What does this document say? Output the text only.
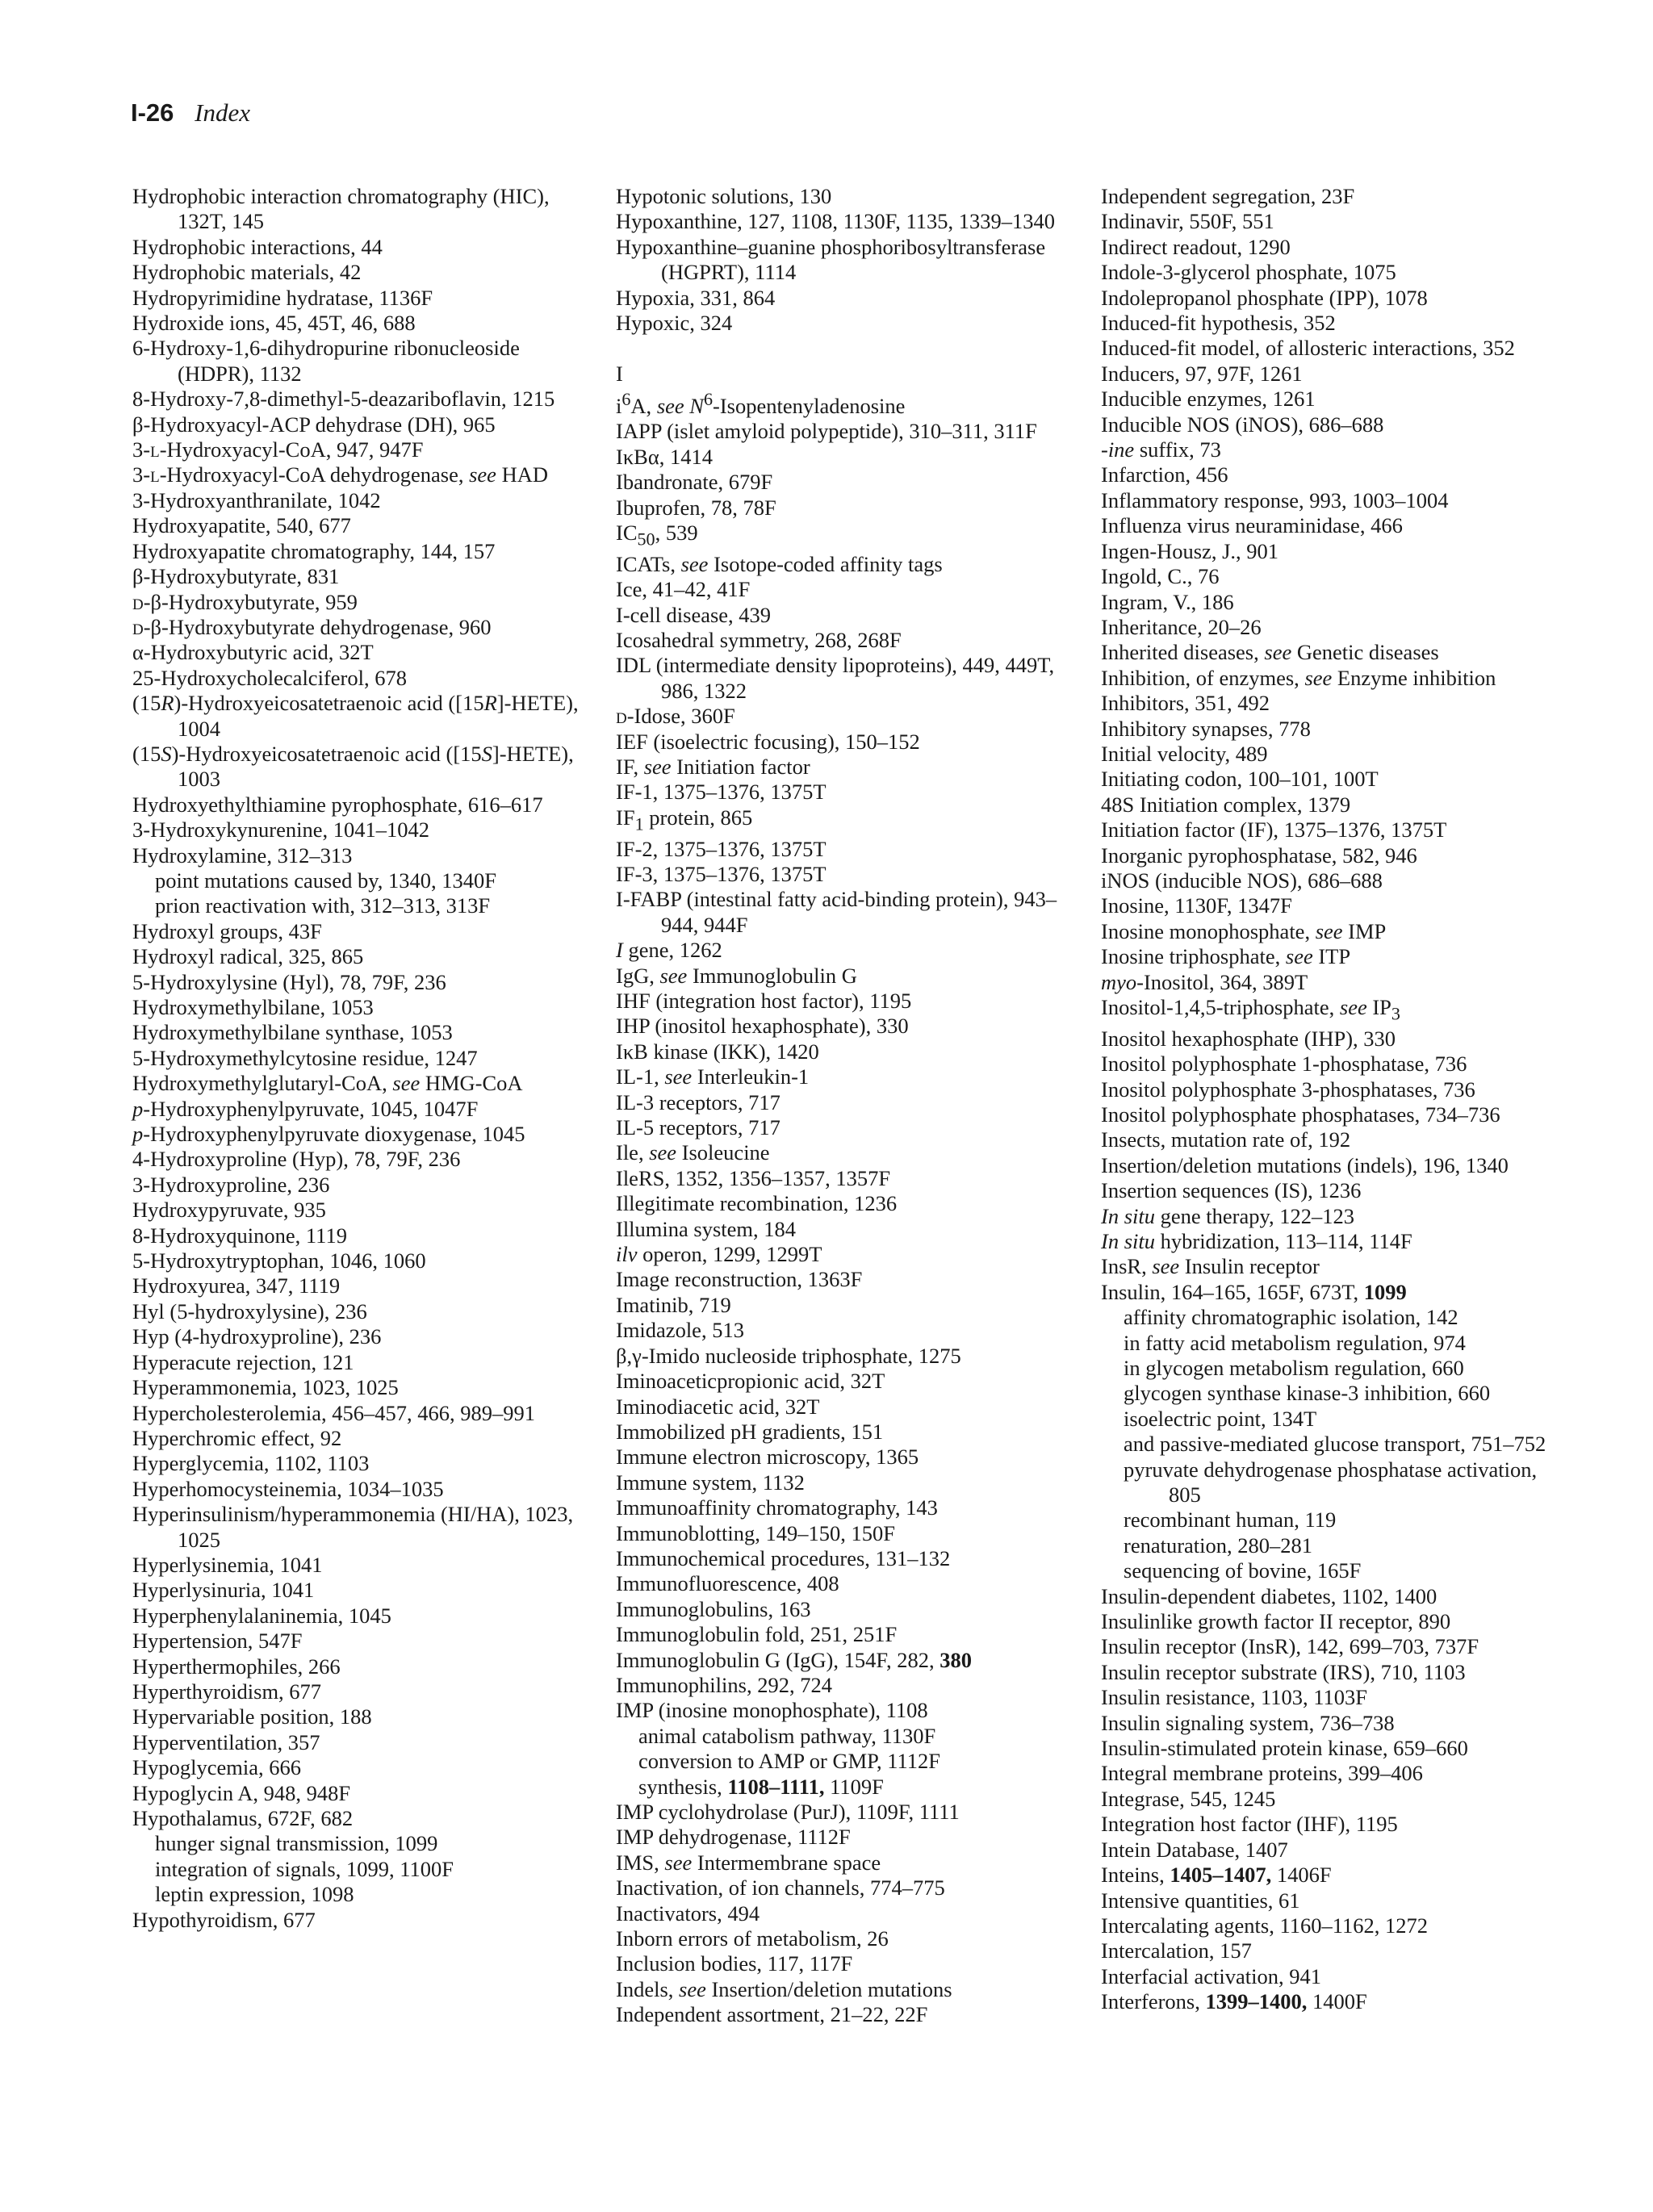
I-26 Index
Hydrophobic interaction chromatography (HIC), 132T, 145
Hydrophobic interactions, 44
Hydrophobic materials, 42
Hydropyrimidine hydratase, 1136F
Hydroxide ions, 45, 45T, 46, 688
6-Hydroxy-1,6-dihydropurine ribonucleoside (HDPR), 1132
8-Hydroxy-7,8-dimethyl-5-deazariboflavin, 1215
β-Hydroxyacyl-ACP dehydrase (DH), 965
3-l-Hydroxyacyl-CoA, 947, 947F
3-l-Hydroxyacyl-CoA dehydrogenase, see HAD
3-Hydroxyanthranilate, 1042
Hydroxyapatite, 540, 677
Hydroxyapatite chromatography, 144, 157
β-Hydroxybutyrate, 831
d-β-Hydroxybutyrate, 959
d-β-Hydroxybutyrate dehydrogenase, 960
α-Hydroxybutyric acid, 32T
25-Hydroxycholecalciferol, 678
(15R)-Hydroxyeicosatetraenoic acid ([15R]-HETE), 1004
(15S)-Hydroxyeicosatetraenoic acid ([15S]-HETE), 1003
Hydroxyethylthiamine pyrophosphate, 616–617
3-Hydroxykynurenine, 1041–1042
Hydroxylamine, 312–313
point mutations caused by, 1340, 1340F
prion reactivation with, 312–313, 313F
Hydroxyl groups, 43F
Hydroxyl radical, 325, 865
5-Hydroxylysine (Hyl), 78, 79F, 236
Hydroxymethylbilane, 1053
Hydroxymethylbilane synthase, 1053
5-Hydroxymethylcytosine residue, 1247
Hydroxymethylglutaryl-CoA, see HMG-CoA
p-Hydroxyphenylpyruvate, 1045, 1047F
p-Hydroxyphenylpyruvate dioxygenase, 1045
4-Hydroxyproline (Hyp), 78, 79F, 236
3-Hydroxyproline, 236
Hydroxypyruvate, 935
8-Hydroxyquinone, 1119
5-Hydroxytryptophan, 1046, 1060
Hydroxyurea, 347, 1119
Hyl (5-hydroxylysine), 236
Hyp (4-hydroxyproline), 236
Hyperacute rejection, 121
Hyperammonemia, 1023, 1025
Hypercholesterolemia, 456–457, 466, 989–991
Hyperchromic effect, 92
Hyperglycemia, 1102, 1103
Hyperhomocysteinemia, 1034–1035
Hyperinsulinism/hyperammonemia (HI/HA), 1023, 1025
Hyperlysinemia, 1041
Hyperlysinuria, 1041
Hyperphenylalaninemia, 1045
Hypertension, 547F
Hyperthermophiles, 266
Hyperthyroidism, 677
Hypervariable position, 188
Hyperventilation, 357
Hypoglycemia, 666
Hypoglycin A, 948, 948F
Hypothalamus, 672F, 682
hunger signal transmission, 1099
integration of signals, 1099, 1100F
leptin expression, 1098
Hypothyroidism, 677
Hypotonic solutions, 130
Hypoxanthine, 127, 1108, 1130F, 1135, 1339–1340
Hypoxanthine–guanine phosphoribosyltransferase (HGPRT), 1114
Hypoxia, 331, 864
Hypoxic, 324
I
$i^6A$, see $N^6$-Isopentenyladenosine
IAPP (islet amyloid polypeptide), 310–311, 311F
IκBα, 1414
Ibandronate, 679F
Ibuprofen, 78, 78F
$IC_{50}$, 539
ICATs, see Isotope-coded affinity tags
Ice, 41–42, 41F
I-cell disease, 439
Icosahedral symmetry, 268, 268F
IDL (intermediate density lipoproteins), 449, 449T, 986, 1322
d-Idose, 360F
IEF (isoelectric focusing), 150–152
IF, see Initiation factor
IF-1, 1375–1376, 1375T
$IF_1$ protein, 865
IF-2, 1375–1376, 1375T
IF-3, 1375–1376, 1375T
I-FABP (intestinal fatty acid-binding protein), 943–944, 944F
I gene, 1262
IgG, see Immunoglobulin G
IHF (integration host factor), 1195
IHP (inositol hexaphosphate), 330
IκB kinase (IKK), 1420
IL-1, see Interleukin-1
IL-3 receptors, 717
IL-5 receptors, 717
Ile, see Isoleucine
IleRS, 1352, 1356–1357, 1357F
Illegitimate recombination, 1236
Illumina system, 184
ilv operon, 1299, 1299T
Image reconstruction, 1363F
Imatinib, 719
Imidazole, 513
β,γ-Imido nucleoside triphosphate, 1275
Iminoaceticpropionic acid, 32T
Iminodiacetic acid, 32T
Immobilized pH gradients, 151
Immune electron microscopy, 1365
Immune system, 1132
Immunoaffinity chromatography, 143
Immunoblotting, 149–150, 150F
Immunochemical procedures, 131–132
Immunofluorescence, 408
Immunoglobulins, 163
Immunoglobulin fold, 251, 251F
Immunoglobulin G (IgG), 154F, 282, 380
Immunophilins, 292, 724
IMP (inosine monophosphate), 1108
animal catabolism pathway, 1130F
conversion to AMP or GMP, 1112F
synthesis, 1108–1111, 1109F
IMP cyclohydrolase (PurJ), 1109F, 1111
IMP dehydrogenase, 1112F
IMS, see Intermembrane space
Inactivation, of ion channels, 774–775
Inactivators, 494
Inborn errors of metabolism, 26
Inclusion bodies, 117, 117F
Indels, see Insertion/deletion mutations
Independent assortment, 21–22, 22F
Independent segregation, 23F
Indinavir, 550F, 551
Indirect readout, 1290
Indole-3-glycerol phosphate, 1075
Indolepropanol phosphate (IPP), 1078
Induced-fit hypothesis, 352
Induced-fit model, of allosteric interactions, 352
Inducers, 97, 97F, 1261
Inducible enzymes, 1261
Inducible NOS (iNOS), 686–688
-ine suffix, 73
Infarction, 456
Inflammatory response, 993, 1003–1004
Influenza virus neuraminidase, 466
Ingen-Housz, J., 901
Ingold, C., 76
Ingram, V., 186
Inheritance, 20–26
Inherited diseases, see Genetic diseases
Inhibition, of enzymes, see Enzyme inhibition
Inhibitors, 351, 492
Inhibitory synapses, 778
Initial velocity, 489
Initiating codon, 100–101, 100T
48S Initiation complex, 1379
Initiation factor (IF), 1375–1376, 1375T
Inorganic pyrophosphatase, 582, 946
iNOS (inducible NOS), 686–688
Inosine, 1130F, 1347F
Inosine monophosphate, see IMP
Inosine triphosphate, see ITP
myo-Inositol, 364, 389T
Inositol-1,4,5-triphosphate, see $IP_3$
Inositol hexaphosphate (IHP), 330
Inositol polyphosphate 1-phosphatase, 736
Inositol polyphosphate 3-phosphatases, 736
Inositol polyphosphate phosphatases, 734–736
Insects, mutation rate of, 192
Insertion/deletion mutations (indels), 196, 1340
Insertion sequences (IS), 1236
In situ gene therapy, 122–123
In situ hybridization, 113–114, 114F
InsR, see Insulin receptor
Insulin, 164–165, 165F, 673T, 1099
affinity chromatographic isolation, 142
in fatty acid metabolism regulation, 974
in glycogen metabolism regulation, 660
glycogen synthase kinase-3 inhibition, 660
isoelectric point, 134T
and passive-mediated glucose transport, 751–752
pyruvate dehydrogenase phosphatase activation, 805
recombinant human, 119
renaturation, 280–281
sequencing of bovine, 165F
Insulin-dependent diabetes, 1102, 1400
Insulinlike growth factor II receptor, 890
Insulin receptor (InsR), 142, 699–703, 737F
Insulin receptor substrate (IRS), 710, 1103
Insulin resistance, 1103, 1103F
Insulin signaling system, 736–738
Insulin-stimulated protein kinase, 659–660
Integral membrane proteins, 399–406
Integrase, 545, 1245
Integration host factor (IHF), 1195
Intein Database, 1407
Inteins, 1405–1407, 1406F
Intensive quantities, 61
Intercalating agents, 1160–1162, 1272
Intercalation, 157
Interfacial activation, 941
Interferons, 1399–1400, 1400F
